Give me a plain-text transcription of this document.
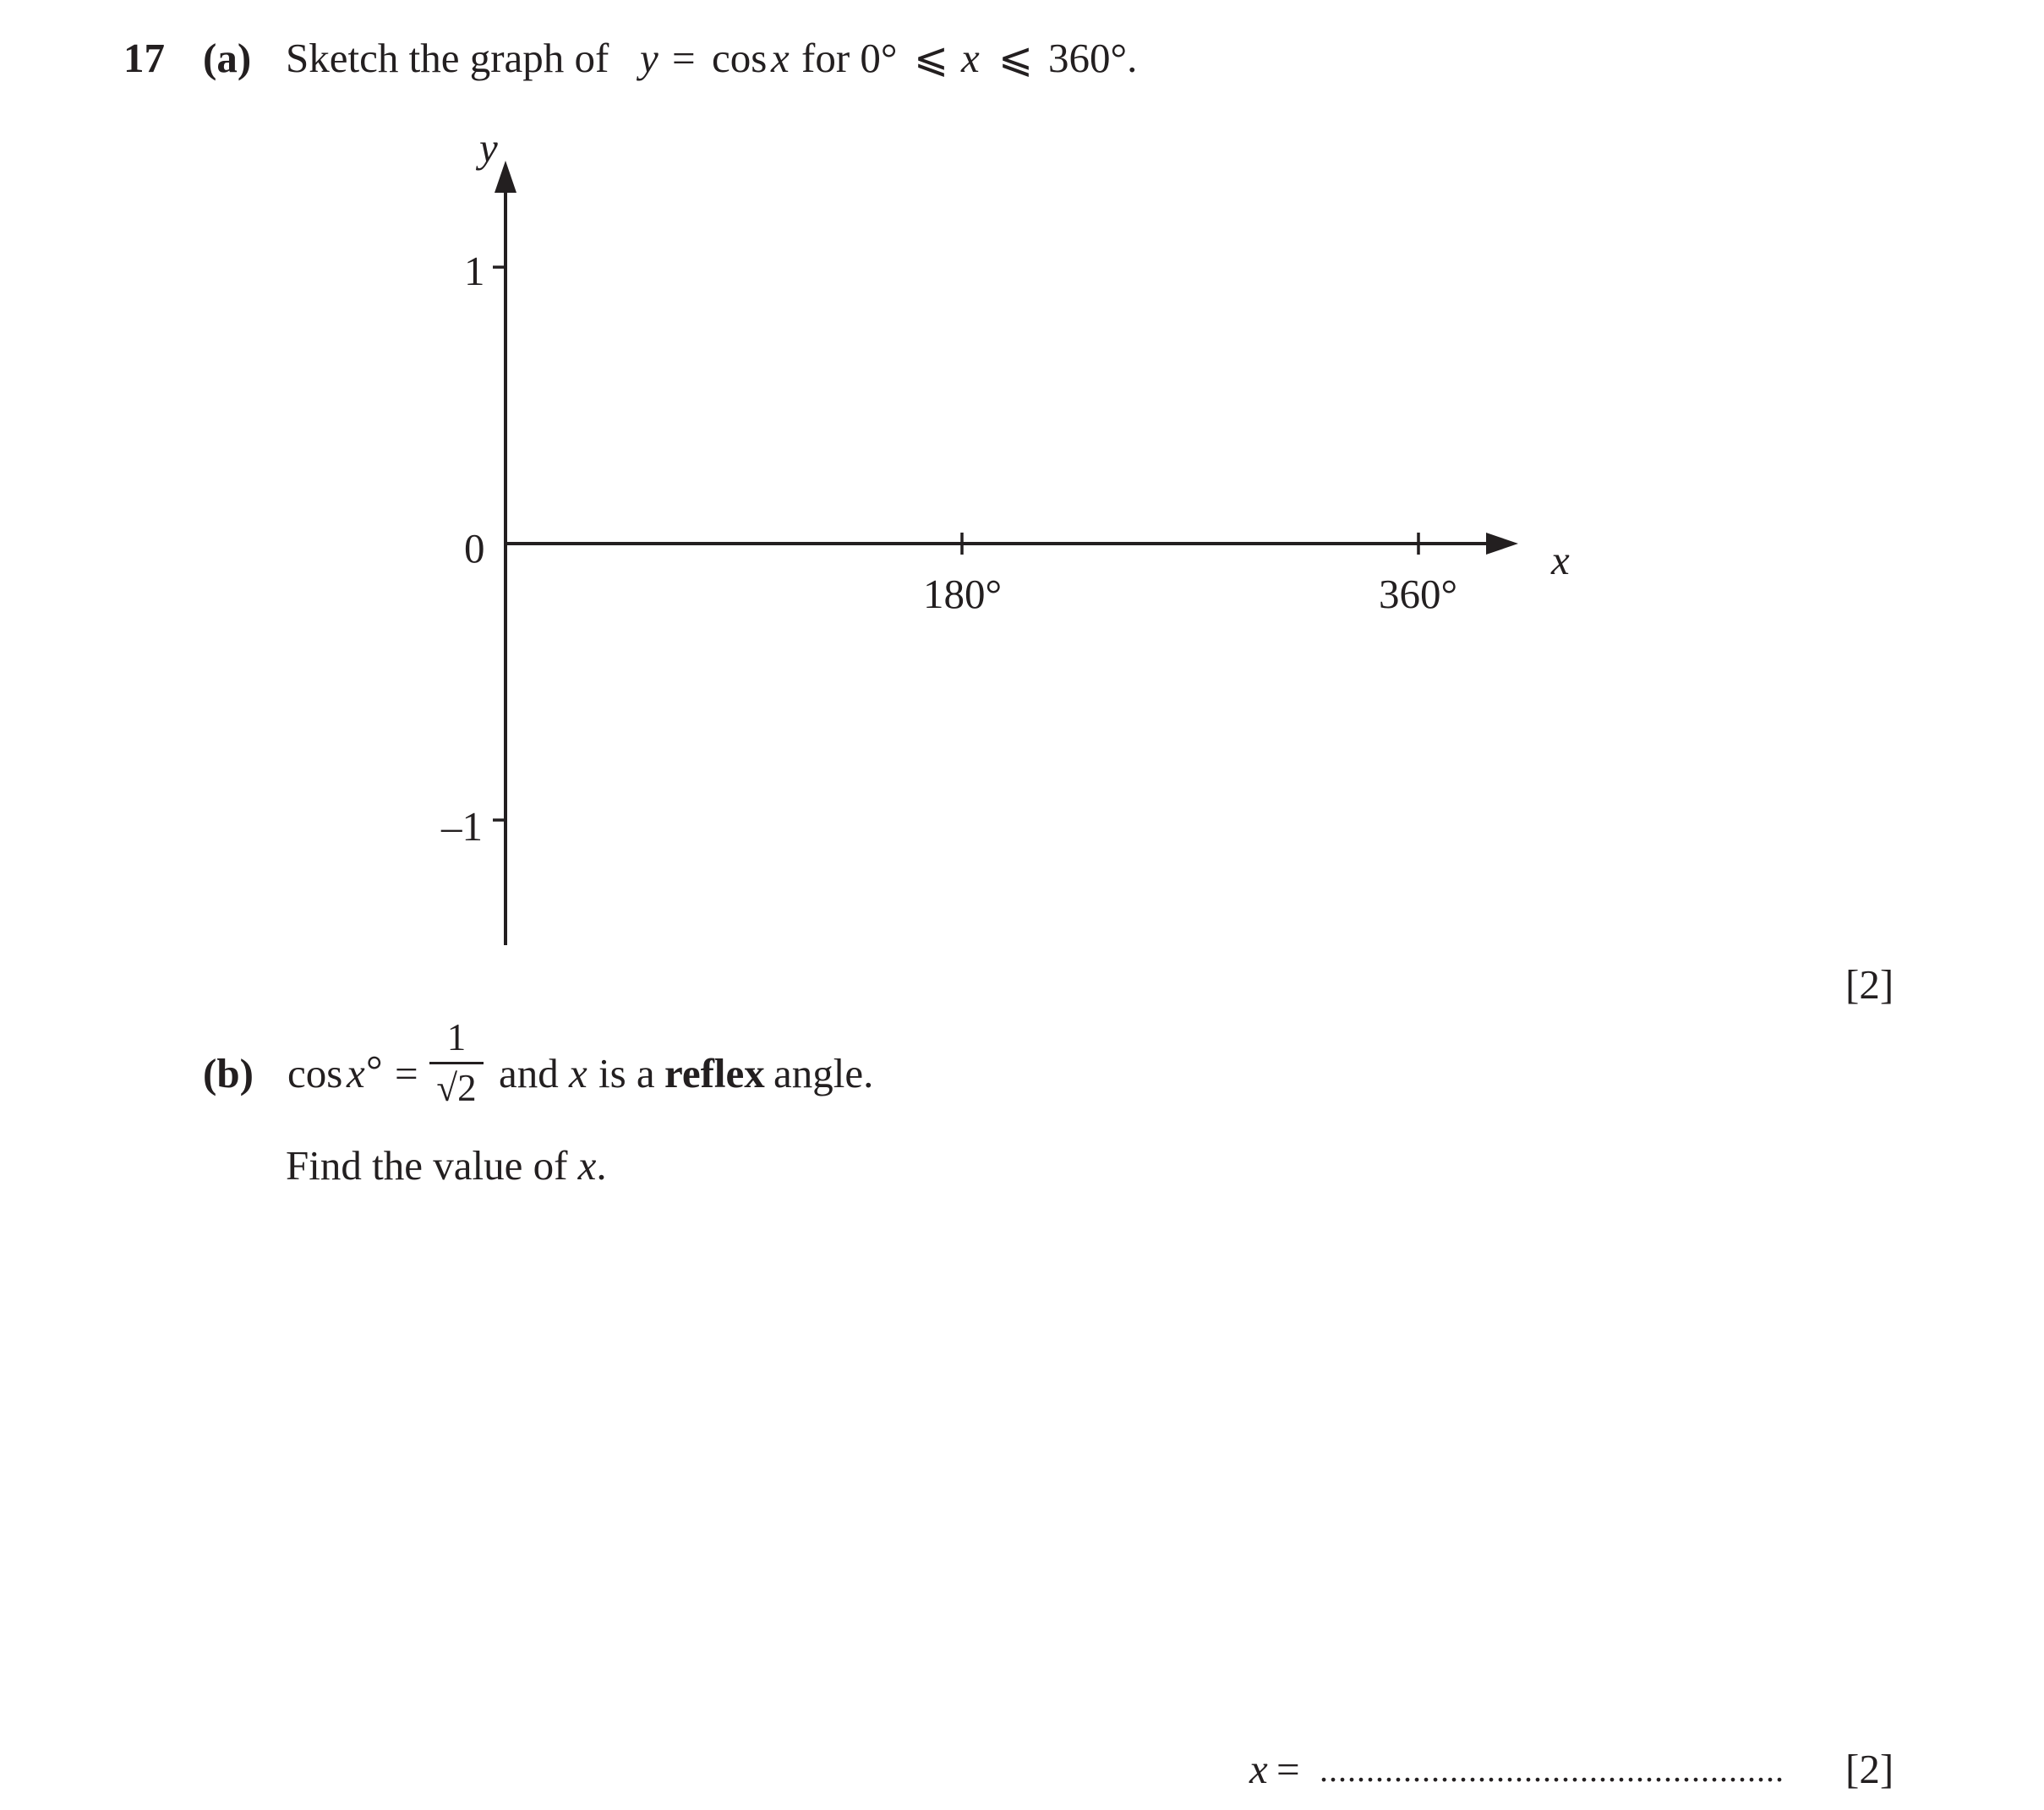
17 (a) Sketch the graph of y = cos x for 0° ⩽ x ⩽ 360°.
y
x
1
0
–1
180°	360°
[2]
(b) cos x ° =
1
√2 and x is a reflex angle.
Find the value of x.
x = .................................................. [2]
